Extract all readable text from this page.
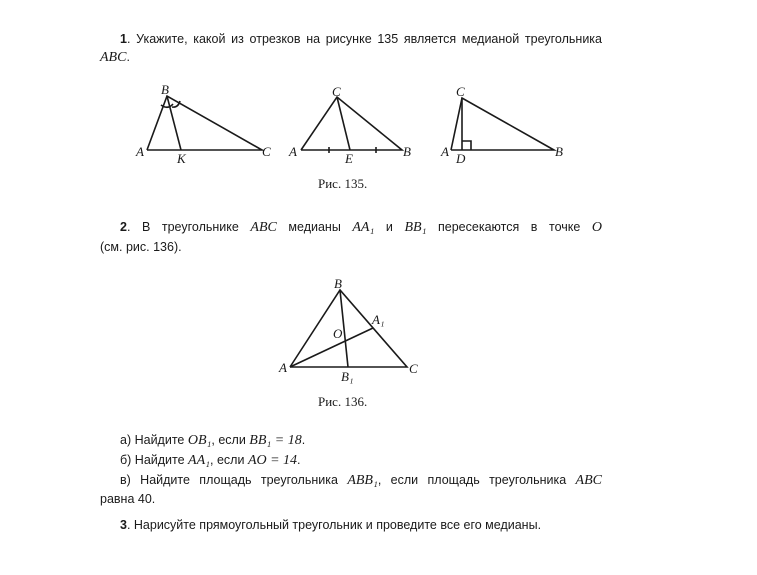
1. Укажите, какой из отрезков на рисунке 135 является медианой треугольника
ABC.
B
A	C
K
C
A	B
E
C
A	B
D
B
A	C
O
A₁
B₁
Рис. 135.
2. В треугольнике ABC медианы AA₁ и BB₁ пересекаются в точке O
(см. рис. 136).
Рис. 136.
а) Найдите OB₁, если BB₁ = 18.
б) Найдите AA₁, если AO = 14.
в) Найдите площадь треугольника ABB₁, если площадь треугольника ABC
равна 40.
3. Нарисуйте прямоугольный треугольник и проведите все его медианы.
